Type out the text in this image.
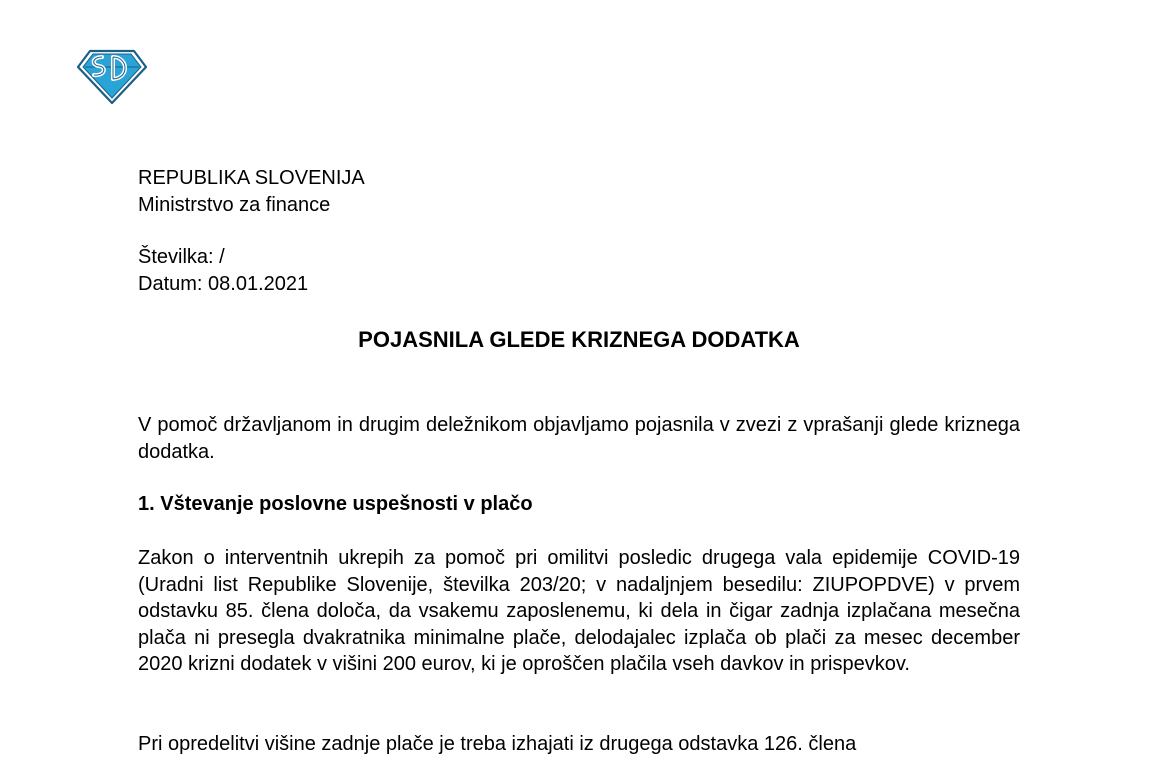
REPUBLIKA SLOVENIJA
Ministrstvo za finance
Številka: /
Datum: 08.01.2021
POJASNILA GLEDE KRIZNEGA DODATKA
V pomoč državljanom in drugim deležnikom objavljamo pojasnila v zvezi z vprašanji glede kriznega dodatka.
1. Vštevanje poslovne uspešnosti v plačo
Zakon o interventnih ukrepih za pomoč pri omilitvi posledic drugega vala epidemije COVID-19 (Uradni list Republike Slovenije, številka 203/20; v nadaljnjem besedilu: ZIUPOPDVE) v prvem odstavku 85. člena določa, da vsakemu zaposlenemu, ki dela in čigar zadnja izplačana mesečna plača ni presegla dvakratnika minimalne plače, delodajalec izplača ob plači za mesec december 2020 krizni dodatek v višini 200 eurov, ki je oproščen plačila vseh davkov in prispevkov.
Pri opredelitvi višine zadnje plače je treba izhajati iz drugega odstavka 126. člena
